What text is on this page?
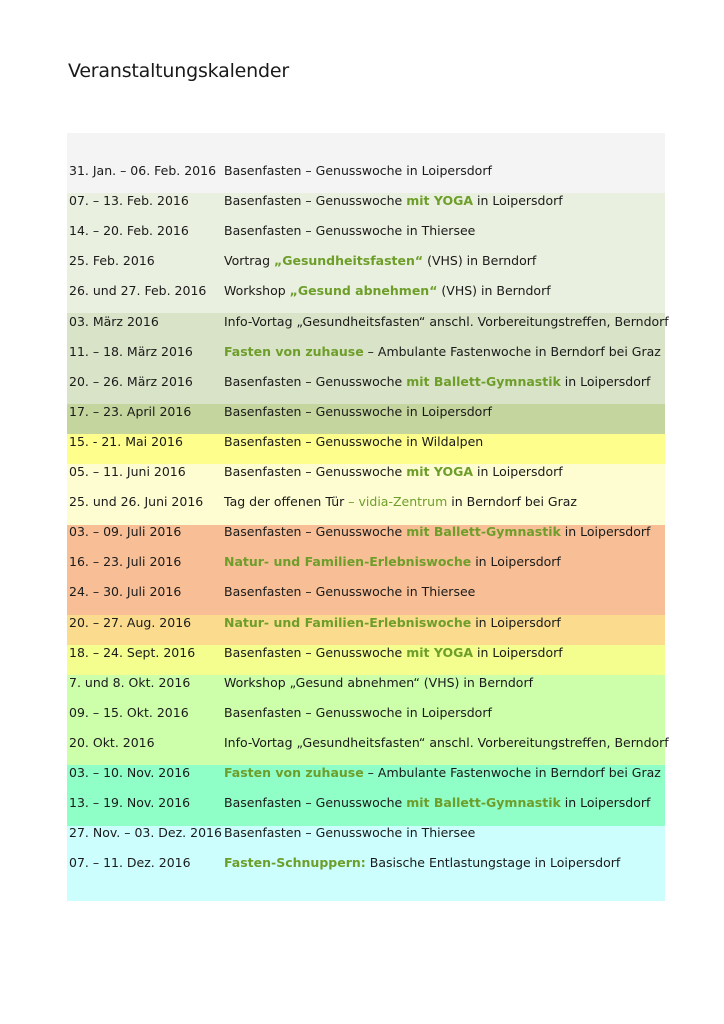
Veranstaltungskalender
31. Jan. – 06. Feb. 2016 Basenfasten – Genusswoche in Loipersdorf
07. – 13. Feb. 2016	Basenfasten – Genusswoche mit YOGA in Loipersdorf
14. – 20. Feb. 2016	Basenfasten – Genusswoche in Thiersee
25. Feb. 2016	Vortrag „Gesundheitsfasten“ (VHS) in Berndorf
26. und 27. Feb. 2016 Workshop „Gesund abnehmen“ (VHS) in Berndorf
03. März 2016	Info-Vortag „Gesundheitsfasten“ anschl. Vorbereitungstreffen, Berndorf
11. – 18. März 2016 Fasten von zuhause – Ambulante Fastenwoche in Berndorf bei Graz
20. – 26. März 2016 Basenfasten – Genusswoche mit Ballett-Gymnastik in Loipersdorf
17. – 23. April 2016	Basenfasten – Genusswoche in Loipersdorf
15. - 21. Mai 2016	Basenfasten – Genusswoche in Wildalpen
05. – 11. Juni 2016	Basenfasten – Genusswoche mit YOGA in Loipersdorf
25. und 26. Juni 2016 Tag der offenen Tür – vidia-Zentrum in Berndorf bei Graz
03. – 09. Juli 2016	Basenfasten – Genusswoche mit Ballett-Gymnastik in Loipersdorf
16. – 23. Juli 2016	Natur- und Familien-Erlebniswoche in Loipersdorf
24. – 30. Juli 2016	Basenfasten – Genusswoche in Thiersee
20. – 27. Aug. 2016	Natur- und Familien-Erlebniswoche in Loipersdorf
18. – 24. Sept. 2016 Basenfasten – Genusswoche mit YOGA in Loipersdorf
7. und 8. Okt. 2016	Workshop „Gesund abnehmen“ (VHS) in Berndorf
09. – 15. Okt. 2016	Basenfasten – Genusswoche in Loipersdorf
20. Okt. 2016	Info-Vortag „Gesundheitsfasten“ anschl. Vorbereitungstreffen, Berndorf
03. – 10. Nov. 2016	Fasten von zuhause – Ambulante Fastenwoche in Berndorf bei Graz
13. – 19. Nov. 2016	Basenfasten – Genusswoche mit Ballett-Gymnastik in Loipersdorf
27. Nov. – 03. Dez. 2016 Basenfasten – Genusswoche in Thiersee
07. – 11. Dez. 2016	Fasten-Schnuppern: Basische Entlastungstage in Loipersdorf
